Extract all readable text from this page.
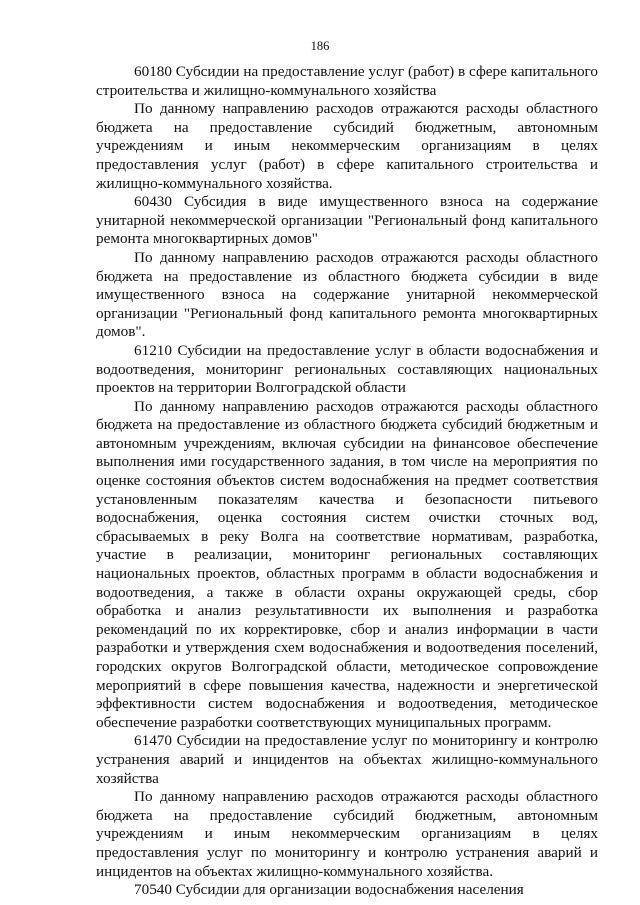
186

60180 Субсидии на предоставление услуг (работ) в сфере капитального строительства и жилищно-коммунального хозяйства

По данному направлению расходов отражаются расходы областного бюджета на предоставление субсидий бюджетным, автономным учреждениям и иным некоммерческим организациям в целях предоставления услуг (работ) в сфере капитального строительства и жилищно-коммунального хозяйства.

60430 Субсидия в виде имущественного взноса на содержание унитарной некоммерческой организации "Региональный фонд капитального ремонта многоквартирных домов"

По данному направлению расходов отражаются расходы областного бюджета на предоставление из областного бюджета субсидии в виде имущественного взноса на содержание унитарной некоммерческой организации "Региональный фонд капитального ремонта многоквартирных домов".

61210 Субсидии на предоставление услуг в области водоснабжения и водоотведения, мониторинг региональных составляющих национальных проектов на территории Волгоградской области

По данному направлению расходов отражаются расходы областного бюджета на предоставление из областного бюджета субсидий бюджетным и автономным учреждениям, включая субсидии на финансовое обеспечение выполнения ими государственного задания, в том числе на мероприятия по оценке состояния объектов систем водоснабжения на предмет соответствия установленным показателям качества и безопасности питьевого водоснабжения, оценка состояния систем очистки сточных вод, сбрасываемых в реку Волга на соответствие нормативам, разработка, участие в реализации, мониторинг региональных составляющих национальных проектов, областных программ в области водоснабжения и водоотведения, а также в области охраны окружающей среды, сбор обработка и анализ результативности их выполнения и разработка рекомендаций по их корректировке, сбор и анализ информации в части разработки и утверждения схем водоснабжения и водоотведения поселений, городских округов Волгоградской области, методическое сопровождение мероприятий в сфере повышения качества, надежности и энергетической эффективности систем водоснабжения и водоотведения, методическое обеспечение разработки соответствующих муниципальных программ.

61470 Субсидии на предоставление услуг по мониторингу и контролю устранения аварий и инцидентов на объектах жилищно-коммунального хозяйства

По данному направлению расходов отражаются расходы областного бюджета на предоставление субсидий бюджетным, автономным учреждениям и иным некоммерческим организациям в целях предоставления услуг по мониторингу и контролю устранения аварий и инцидентов на объектах жилищно-коммунального хозяйства.

70540 Субсидии для организации водоснабжения населения
